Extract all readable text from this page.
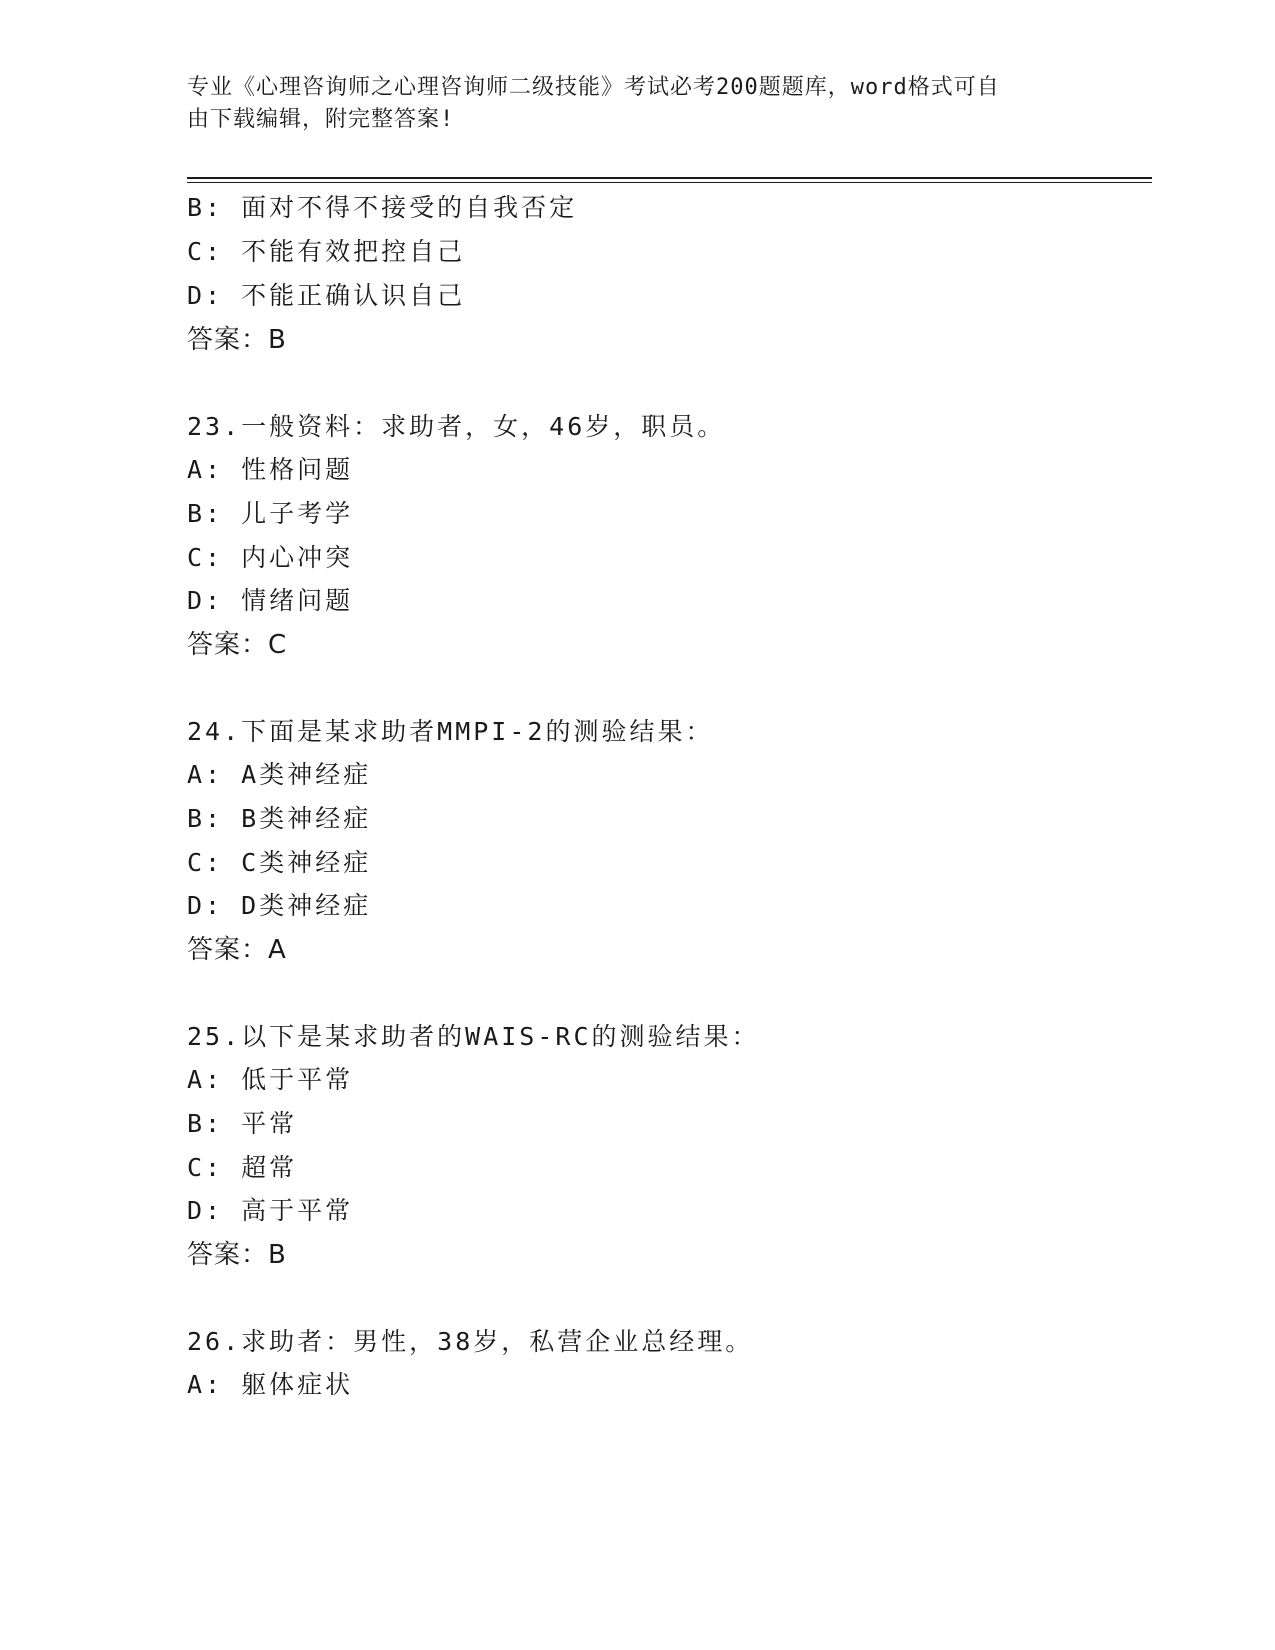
专业《心理咨询师之心理咨询师二级技能》考试必考200题题库，word格式可自
由下载编辑，附完整答案!
B: 面对不得不接受的自我否定
C: 不能有效把控自己
D: 不能正确认识自己
答案：B
23.一般资料：求助者，女，46岁，职员。
A: 性格问题
B: 儿子考学
C: 内心冲突
D: 情绪问题
答案：C
24.下面是某求助者MMPI-2的测验结果：
A: A类神经症
B: B类神经症
C: C类神经症
D: D类神经症
答案：A
25.以下是某求助者的WAIS-RC的测验结果：
A: 低于平常
B: 平常
C: 超常
D: 高于平常
答案：B
26.求助者：男性，38岁，私营企业总经理。
A: 躯体症状
